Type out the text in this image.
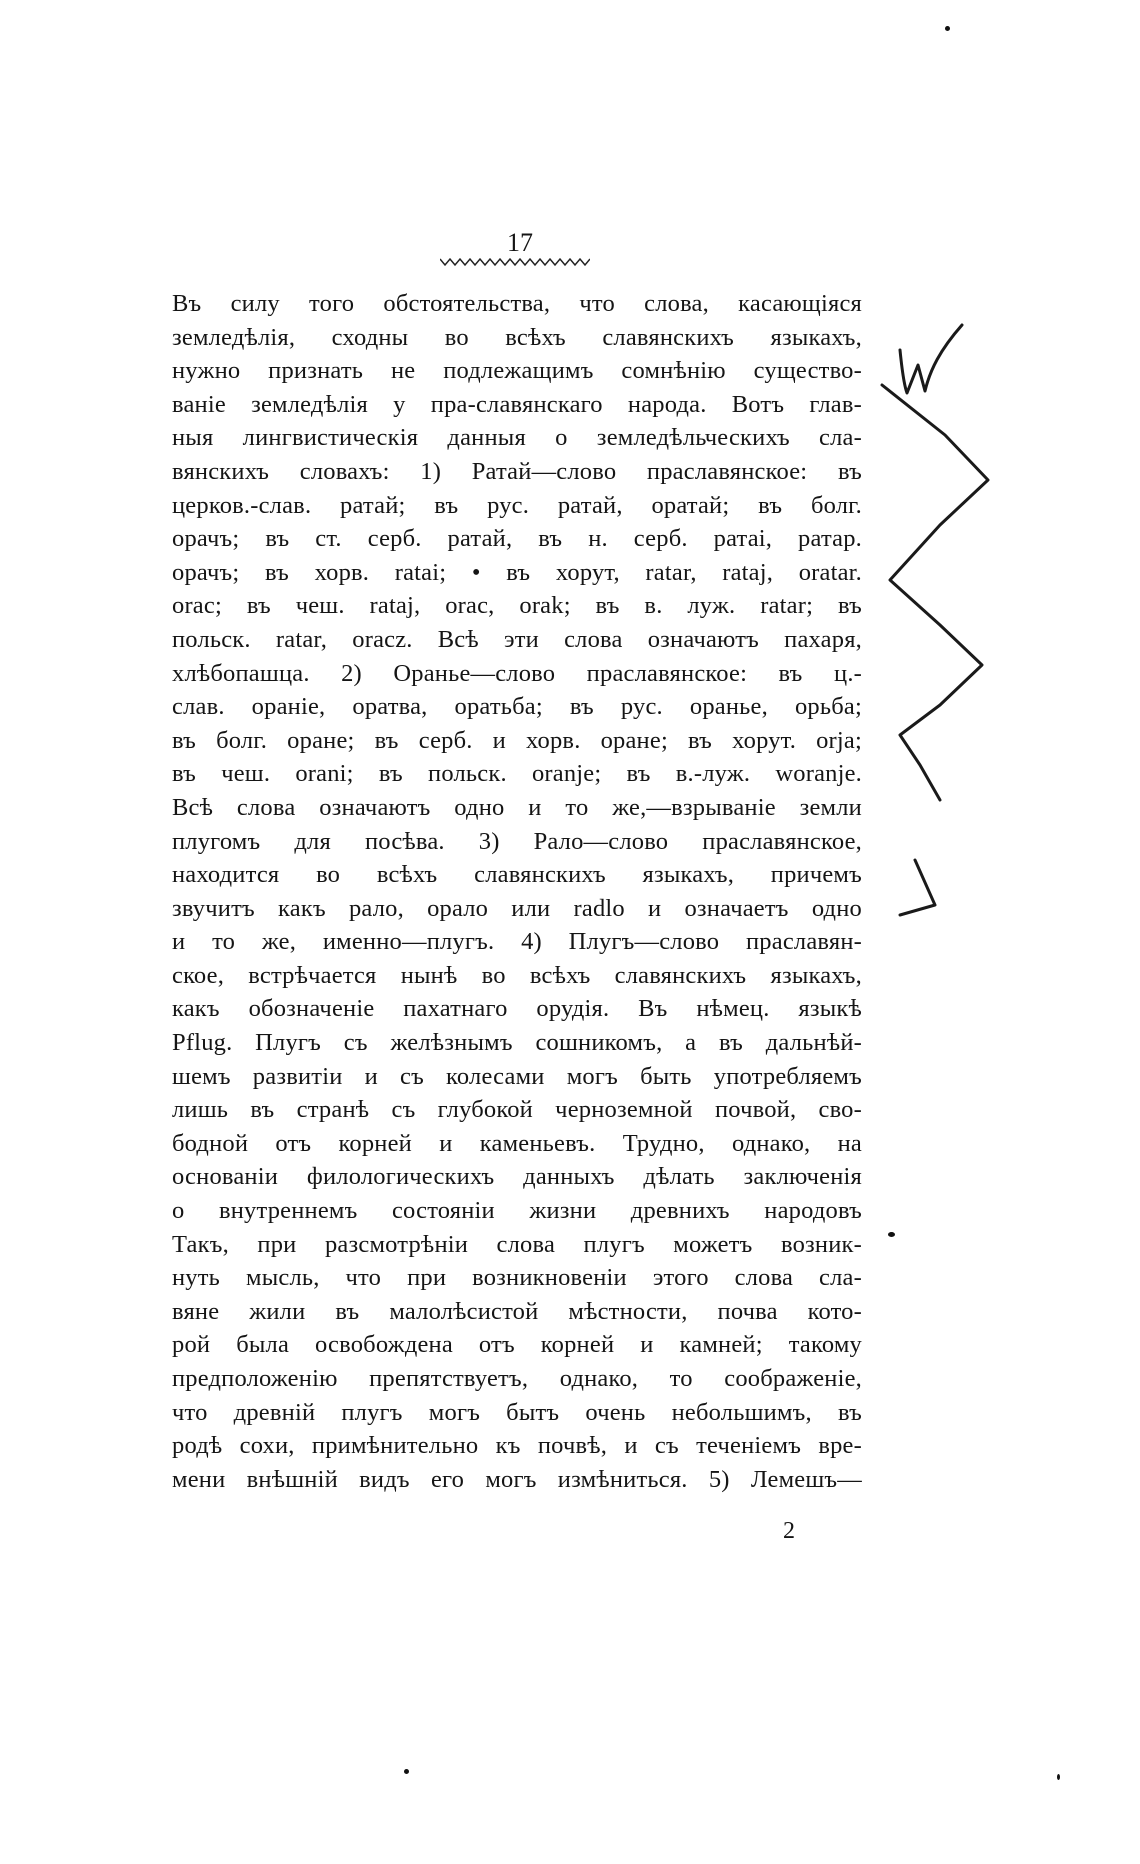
17
Въ силу того обстоятельства, что слова, касающіяся
земледѣлія, сходны во всѣхъ славянскихъ языкахъ,
нужно признать не подлежащимъ сомнѣнію существо-
ваніе земледѣлія у пра-славянскаго народа. Вотъ глав-
ныя лингвистическія данныя о земледѣльческихъ сла-
вянскихъ словахъ: 1) Ратай—слово праславянское: въ
церков.-слав. ратай; въ рус. ратай, оратай; въ болг.
орачъ; въ ст. серб. ратай, въ н. серб. ратаі, ратар.
орачъ; въ хорв. ratai; • въ хорут, ratar, rataj, oratar.
orac; въ чеш. rataj, orac, orak; въ в. луж. ratar; въ
польск. ratar, oracz. Всѣ эти слова означаютъ пахаря,
хлѣбопашца. 2) Оранье—слово праславянское: въ ц.-
слав. ораніе, оратва, оратьба; въ рус. оранье, орьба;
въ болг. оране; въ серб. и хорв. оране; въ хорут. orja;
въ чеш. orani; въ польск. oranje; въ в.-луж. woranje.
Всѣ слова означаютъ одно и то же,—взрываніе земли
плугомъ для посѣва. 3) Рало—слово праславянское,
находится во всѣхъ славянскихъ языкахъ, причемъ
звучитъ какъ рало, орало или radlo и означаетъ одно
и то же, именно—плугъ. 4) Плугъ—слово праславян-
ское, встрѣчается нынѣ во всѣхъ славянскихъ языкахъ,
какъ обозначеніе пахатнаго орудія. Въ нѣмец. языкѣ
Pflug. Плугъ съ желѣзнымъ сошникомъ, а въ дальнѣй-
шемъ развитіи и съ колесами могъ быть употребляемъ
лишь въ странѣ съ глубокой черноземной почвой, сво-
бодной отъ корней и каменьевъ. Трудно, однако, на
основаніи филологическихъ данныхъ дѣлать заключенія
о внутреннемъ состояніи жизни древнихъ народовъ
Такъ, при разсмотрѣніи слова плугъ можетъ возник-
нуть мысль, что при возникновеніи этого слова сла-
вяне жили въ малолѣсистой мѣстности, почва кото-
рой была освобождена отъ корней и камней; такому
предположенію препятствуетъ, однако, то соображеніе,
что древній плугъ могъ бытъ очень небольшимъ, въ
родѣ сохи, примѣнительно къ почвѣ, и съ теченіемъ вре-
мени внѣшній видъ его могъ измѣниться. 5) Лемешъ—
2
